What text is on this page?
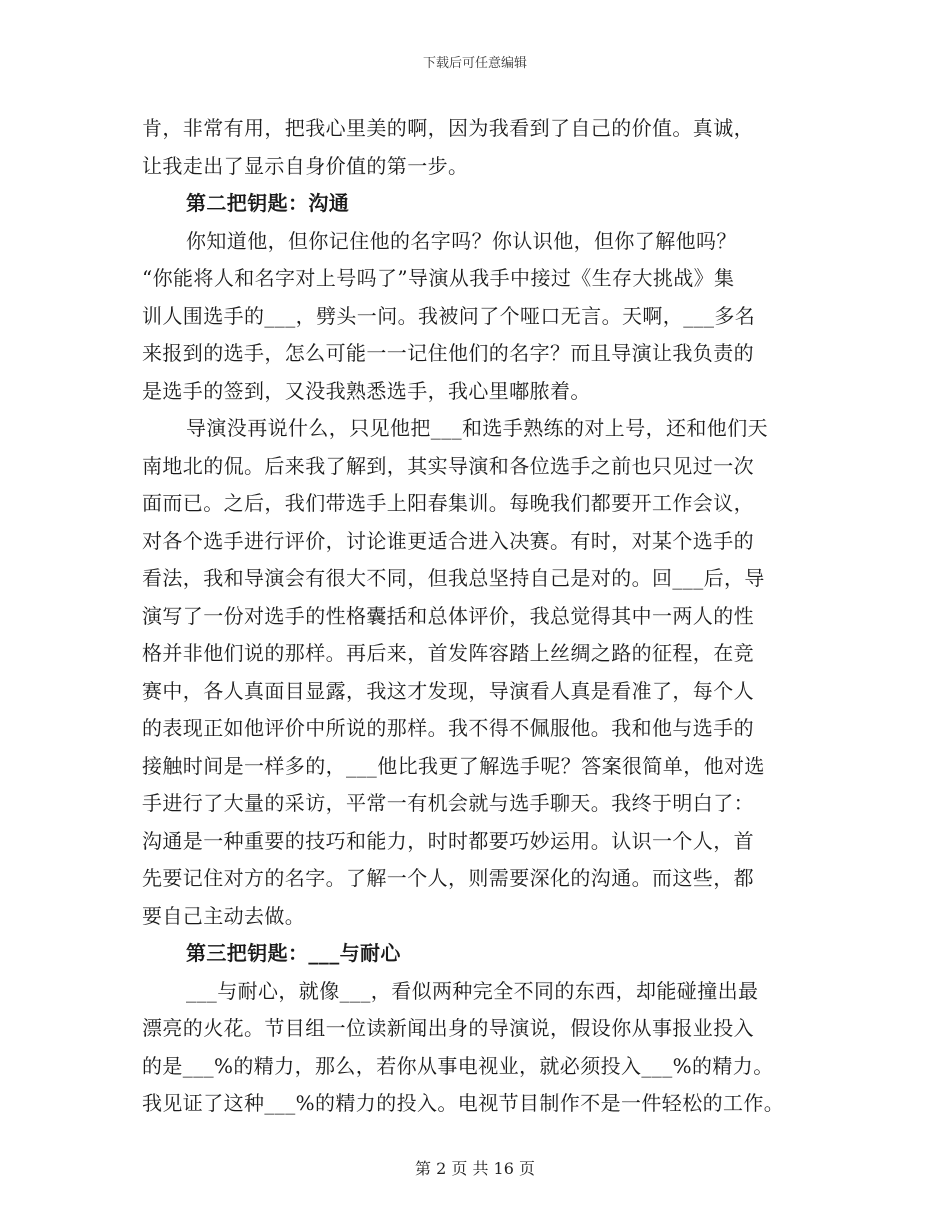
下载后可任意编辑
肯，非常有用，把我心里美的啊，因为我看到了自己的价值。真诚，
让我走出了显示自身价值的第一步。
第二把钥匙：沟通
你知道他，但你记住他的名字吗？你认识他，但你了解他吗？
“你能将人和名字对上号吗了”导演从我手中接过《生存大挑战》集
训人围选手的___，劈头一问。我被问了个哑口无言。天啊，___多名
来报到的选手，怎么可能一一记住他们的名字？而且导演让我负责的
是选手的签到，又没我熟悉选手，我心里嘟脓着。
导演没再说什么，只见他把___和选手熟练的对上号，还和他们天
南地北的侃。后来我了解到，其实导演和各位选手之前也只见过一次
面而已。之后，我们带选手上阳春集训。每晚我们都要开工作会议，
对各个选手进行评价，讨论谁更适合进入决赛。有时，对某个选手的
看法，我和导演会有很大不同，但我总坚持自己是对的。回___后，导
演写了一份对选手的性格囊括和总体评价，我总觉得其中一两人的性
格并非他们说的那样。再后来，首发阵容踏上丝绸之路的征程，在竞
赛中，各人真面目显露，我这才发现，导演看人真是看准了，每个人
的表现正如他评价中所说的那样。我不得不佩服他。我和他与选手的
接触时间是一样多的，___他比我更了解选手呢？答案很简单，他对选
手进行了大量的采访，平常一有机会就与选手聊天。我终于明白了：
沟通是一种重要的技巧和能力，时时都要巧妙运用。认识一个人，首
先要记住对方的名字。了解一个人，则需要深化的沟通。而这些，都
要自己主动去做。
第三把钥匙：___与耐心
___与耐心，就像___，看似两种完全不同的东西，却能碰撞出最
漂亮的火花。节目组一位读新闻出身的导演说，假设你从事报业投入
的是___%的精力，那么，若你从事电视业，就必须投入___%的精力。
我见证了这种___%的精力的投入。电视节目制作不是一件轻松的工作。
第 2 页 共 16 页
